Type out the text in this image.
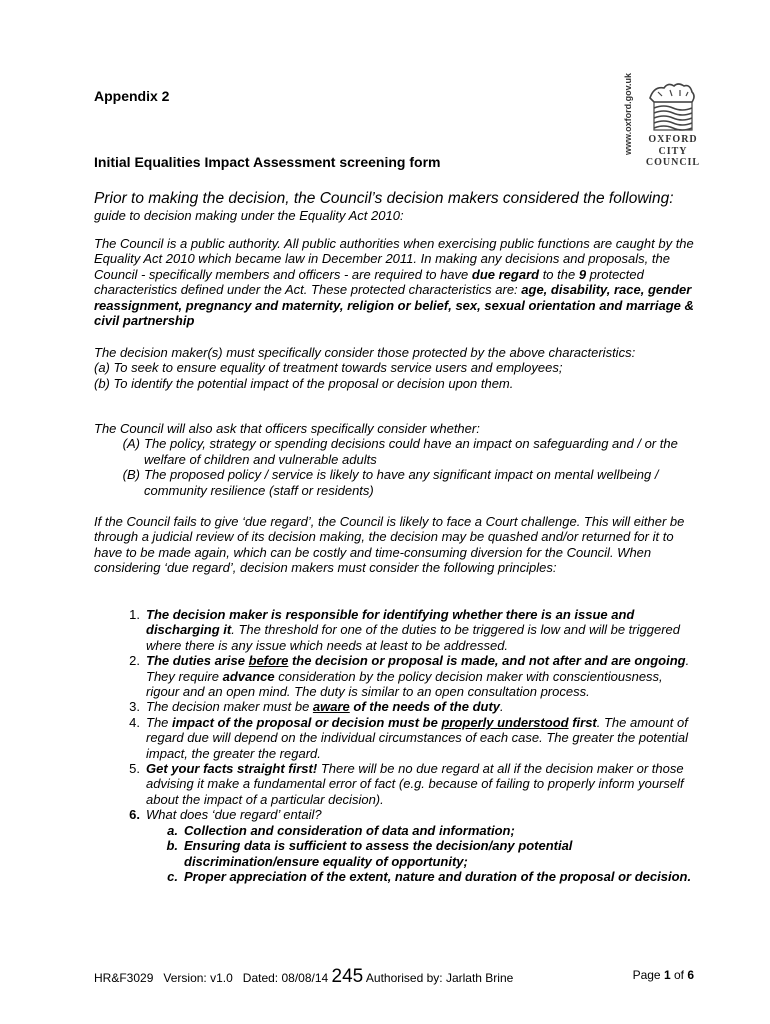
Appendix 2
Initial Equalities Impact Assessment screening form
www.oxford.gov.uk	OXFORD
CITY
COUNCIL

Prior to making the decision, the Council’s decision makers considered the following:

guide to decision making under the Equality Act 2010:

The Council is a public authority. All public authorities when exercising public functions are caught by the Equality Act 2010 which became law in December 2011. In making any decisions and proposals, the Council - specifically members and officers - are required to have due regard to the 9 protected characteristics defined under the Act. These protected characteristics are: age, disability, race, gender reassignment, pregnancy and maternity, religion or belief, sex, sexual orientation and marriage & civil partnership

The decision maker(s) must specifically consider those protected by the above characteristics:

(a) To seek to ensure equality of treatment towards service users and employees;

(b) To identify the potential impact of the proposal or decision upon them.

The Council will also ask that officers specifically consider whether:

(A) The policy, strategy or spending decisions could have an impact on safeguarding and / or the welfare of children and vulnerable adults
(B) The proposed policy / service is likely to have any significant impact on mental wellbeing / community resilience (staff or residents)
If the Council fails to give ‘due regard’, the Council is likely to face a Court challenge. This will either be through a judicial review of its decision making, the decision may be quashed and/or returned for it to have to be made again, which can be costly and time-consuming diversion for the Council. When considering ‘due regard’, decision makers must consider the following principles:
1. The decision maker is responsible for identifying whether there is an issue and discharging it. The threshold for one of the duties to be triggered is low and will be triggered where there is any issue which needs at least to be addressed.
2. The duties arise before the decision or proposal is made, and not after and are ongoing. They require advance consideration by the policy decision maker with conscientiousness, rigour and an open mind. The duty is similar to an open consultation process.
3. The decision maker must be aware of the needs of the duty.
4. The impact of the proposal or decision must be properly understood first. The amount of regard due will depend on the individual circumstances of each case. The greater the potential impact, the greater the regard.
5. Get your facts straight first! There will be no due regard at all if the decision maker or those advising it make a fundamental error of fact (e.g. because of failing to properly inform yourself about the impact of a particular decision).
6. What does ‘due regard’ entail?
a. Collection and consideration of data and information;
b. Ensuring data is sufficient to assess the decision/any potential discrimination/ensure equality of opportunity;
c. Proper appreciation of the extent, nature and duration of the proposal or decision.
HR&F3029 Version: v1.0 Dated: 08/08/14 245 Authorised by: Jarlath Brine	Page 1 of 6
